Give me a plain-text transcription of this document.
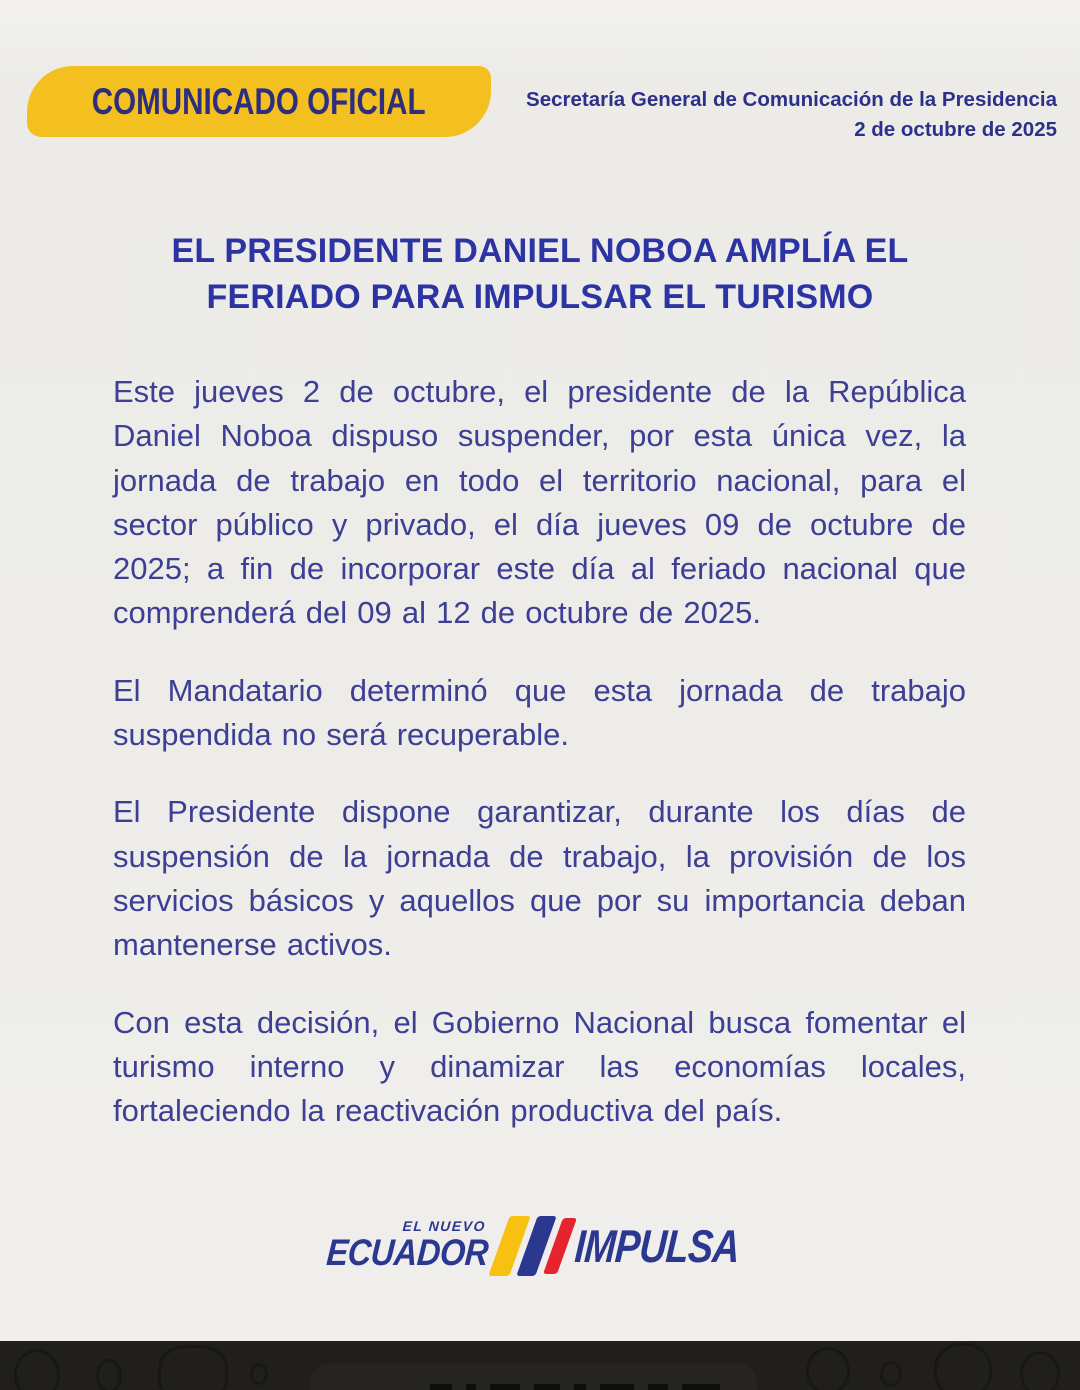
COMUNICADO OFICIAL	Secretaría General de Comunicación de la Presidencia
2 de octubre de 2025
EL PRESIDENTE DANIEL NOBOA AMPLÍA EL
FERIADO PARA IMPULSAR EL TURISMO

Este jueves 2 de octubre, el presidente de la República Daniel Noboa dispuso suspender, por esta única vez, la jornada de trabajo en todo el territorio nacional, para el sector público y privado, el día jueves 09 de octubre de 2025; a fin de incorporar este día al feriado nacional que comprenderá del 09 al 12 de octubre de 2025.

El Mandatario determinó que esta jornada de trabajo suspendida no será recuperable.

El Presidente dispone garantizar, durante los días de suspensión de la jornada de trabajo, la provisión de los servicios básicos y aquellos que por su importancia deban mantenerse activos.

Con esta decisión, el Gobierno Nacional busca fomentar el turismo interno y dinamizar las economías locales, fortaleciendo la reactivación productiva del país.

EL NUEVO
ECUADOR IMPULSA
